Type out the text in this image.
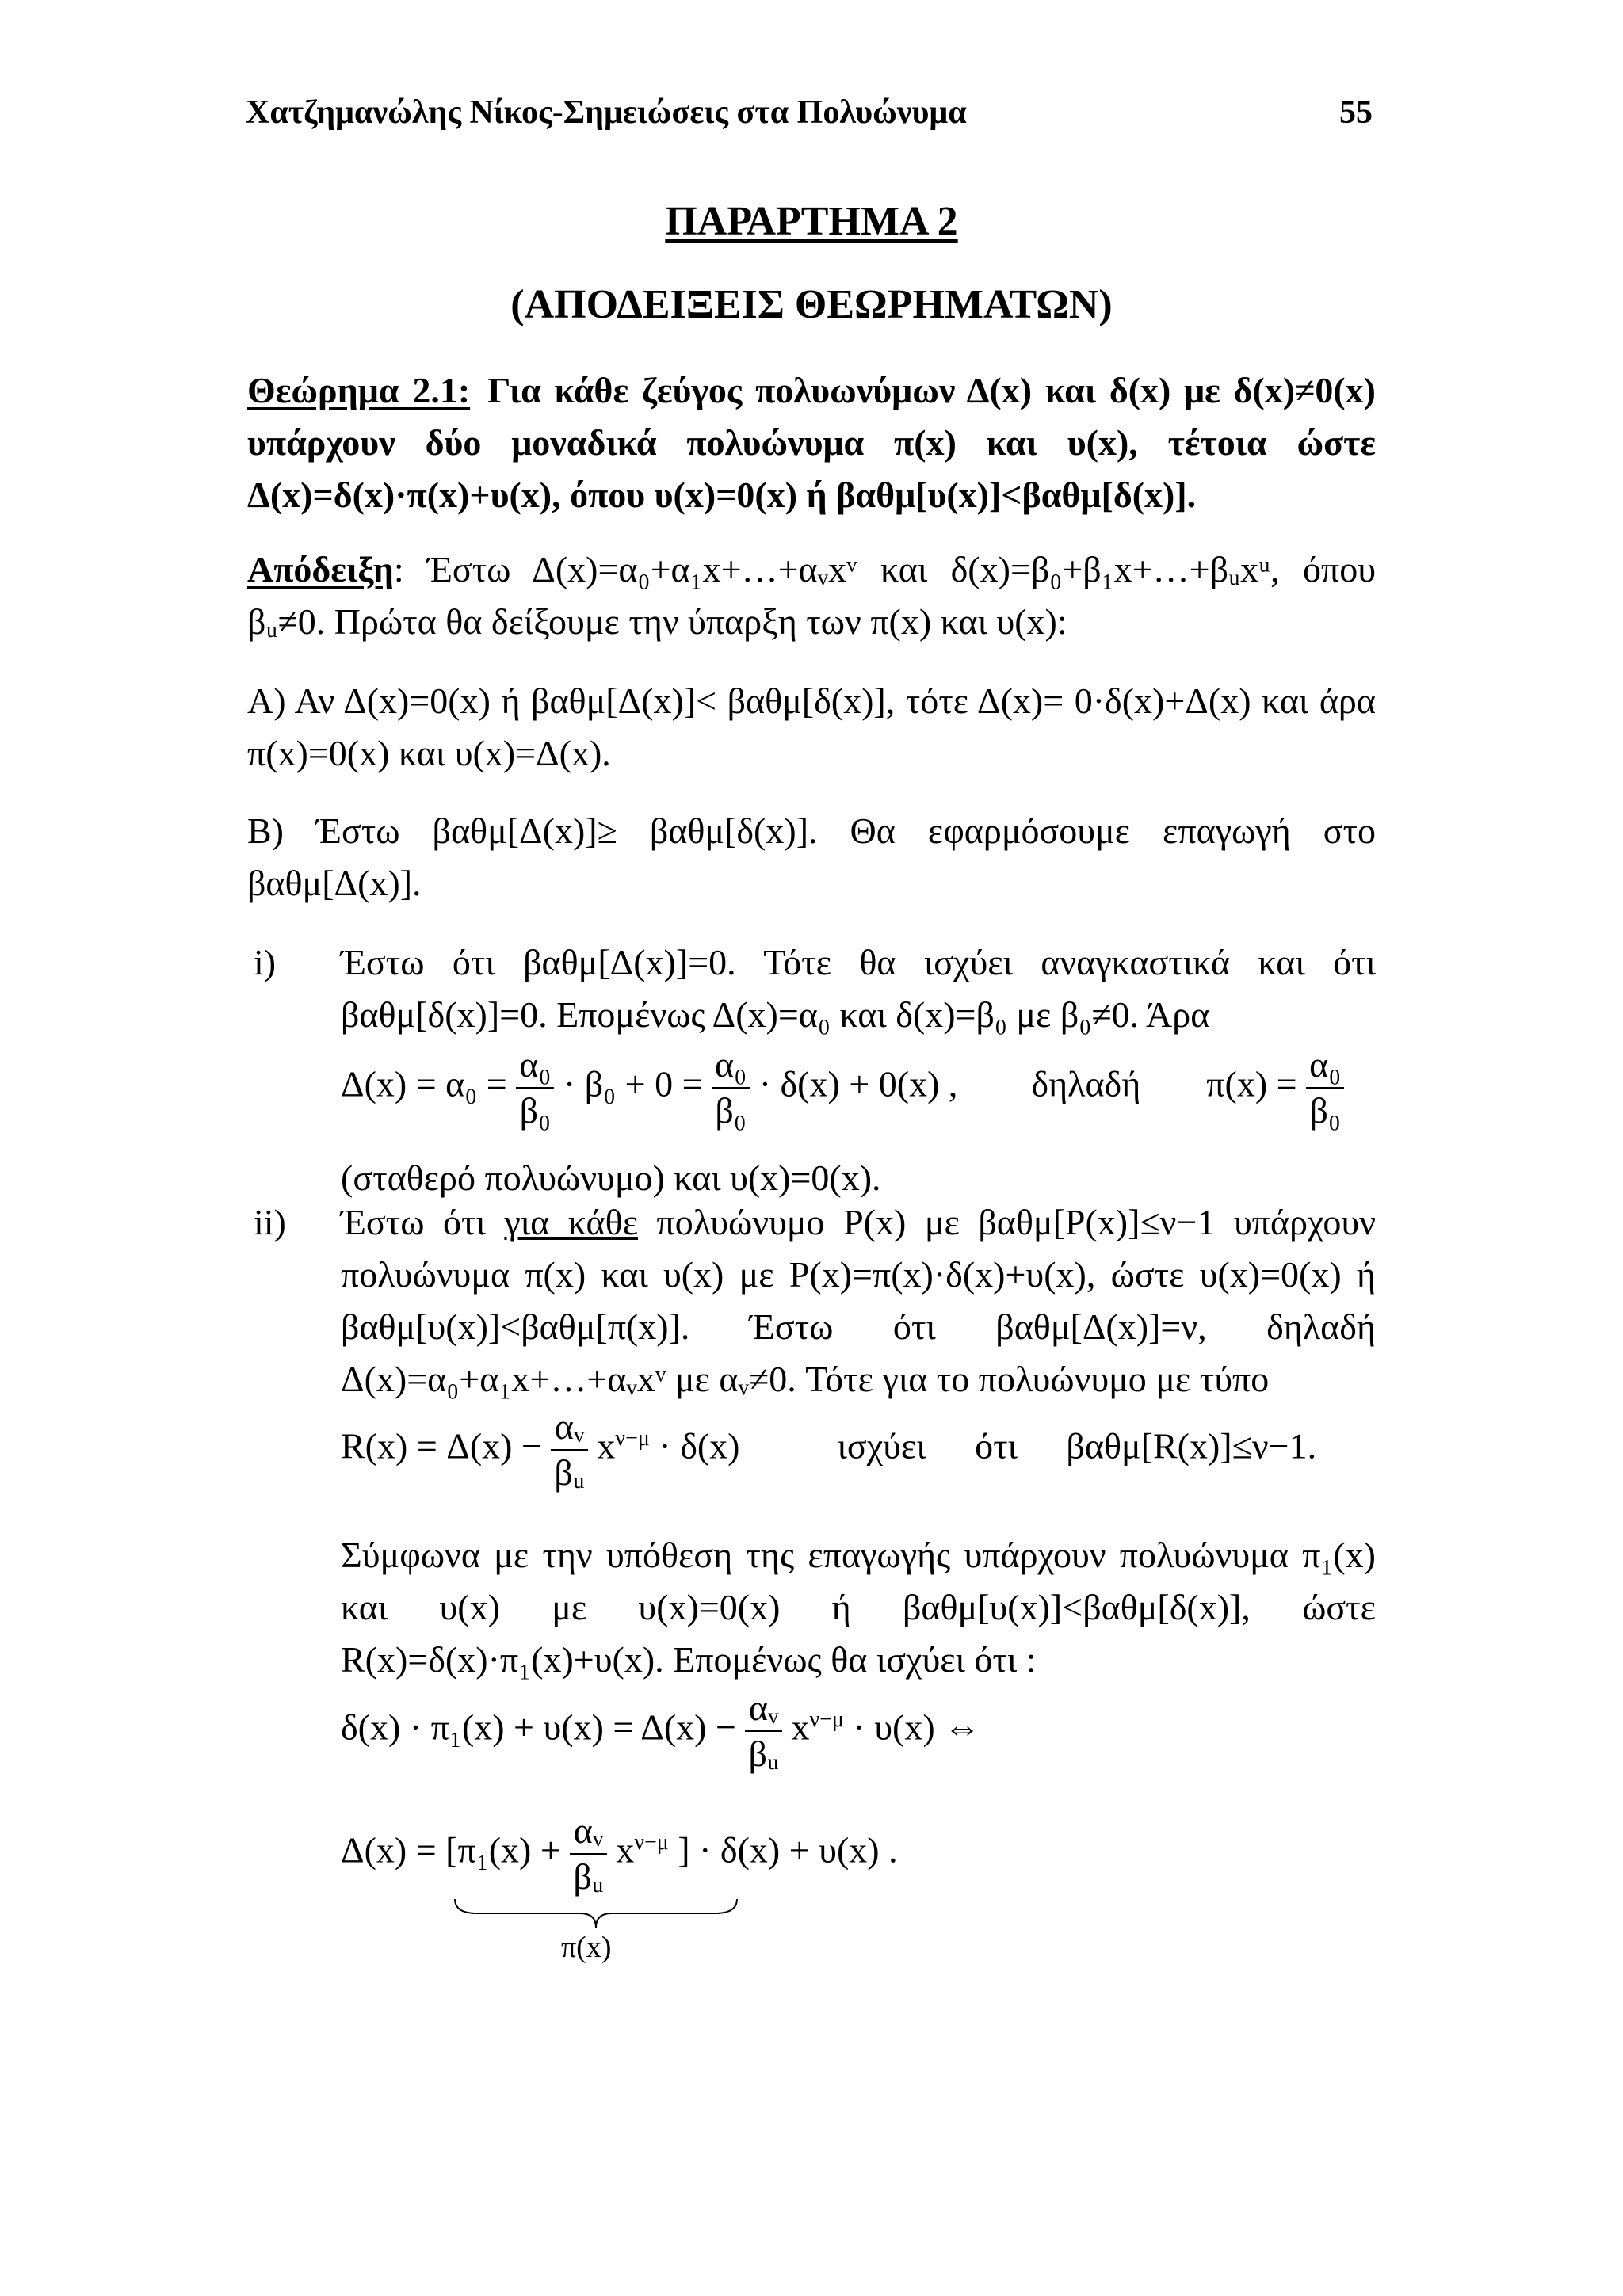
Χατζημανώλης Νίκος-Σημειώσεις στα Πολυώνυμα	55
ΠΑΡΑΡΤΗΜΑ 2
(ΑΠΟΔΕΙΞΕΙΣ ΘΕΩΡΗΜΑΤΩΝ)
Θεώρημα 2.1: Για κάθε ζεύγος πολυωνύμων Δ(x) και δ(x) με δ(x)≠0(x) υπάρχουν δύο μοναδικά πολυώνυμα π(x) και υ(x), τέτοια ώστε Δ(x)=δ(x)·π(x)+υ(x), όπου υ(x)=0(x) ή βαθμ[υ(x)]<βαθμ[δ(x)].
Απόδειξη: Έστω Δ(x)=α₀+α₁x+…+αᵥxᵛ και δ(x)=β₀+β₁x+…+βᵤxᵘ, όπου βᵤ≠0. Πρώτα θα δείξουμε την ύπαρξη των π(x) και υ(x):
Α) Αν Δ(x)=0(x) ή βαθμ[Δ(x)]< βαθμ[δ(x)], τότε Δ(x)= 0·δ(x)+Δ(x) και άρα π(x)=0(x) και υ(x)=Δ(x).
Β) Έστω βαθμ[Δ(x)]≥ βαθμ[δ(x)]. Θα εφαρμόσουμε επαγωγή στο βαθμ[Δ(x)].
i)	Έστω ότι βαθμ[Δ(x)]=0. Τότε θα ισχύει αναγκαστικά και ότι βαθμ[δ(x)]=0. Επομένως Δ(x)=α₀ και δ(x)=β₀ με β₀≠0. Άρα
$\Delta(x) = \alpha_0 = \frac{\text{α₀}}{\text{β₀}} \cdot \beta_0 + 0 = \frac{\text{α₀}}{\text{β₀}} \cdot \delta(x) + 0(x)$ , δηλαδή $\pi(x) = \frac{\text{α₀}}{\text{β₀}}$
(σταθερό πολυώνυμο) και υ(x)=0(x).
ii)	Έστω ότι για κάθε πολυώνυμο P(x) με βαθμ[P(x)]≤ν−1 υπάρχουν πολυώνυμα π(x) και υ(x) με P(x)=π(x)·δ(x)+υ(x), ώστε υ(x)=0(x) ή βαθμ[υ(x)]<βαθμ[π(x)]. Έστω ότι βαθμ[Δ(x)]=ν, δηλαδή Δ(x)=α₀+α₁x+…+αᵥxᵛ με αᵥ≠0. Τότε για το πολυώνυμο με τύπο
$R(x) = \Delta(x) - \frac{\text{αᵥ}}{\text{βᵤ}} x^{\nu-\mu} \cdot \delta(x)$	ισχύει ότι βαθμ[R(x)]≤ν−1.
Σύμφωνα με την υπόθεση της επαγωγής υπάρχουν πολυώνυμα π₁(x) και υ(x) με υ(x)=0(x) ή βαθμ[υ(x)]<βαθμ[δ(x)], ώστε R(x)=δ(x)·π₁(x)+υ(x). Επομένως θα ισχύει ότι :
$\delta(x) \cdot \pi_1(x) + \upsilon(x) = \Delta(x) - \frac{\text{αᵥ}}{\text{βᵤ}} x^{\nu-\mu} \cdot \upsilon(x)$ ⇔
$\Delta(x) = [\pi_1(x) + \frac{\text{αᵥ}}{\text{βᵤ}} x^{\nu-\mu}$ ] · δ(x) + υ(x) .
π(x)
